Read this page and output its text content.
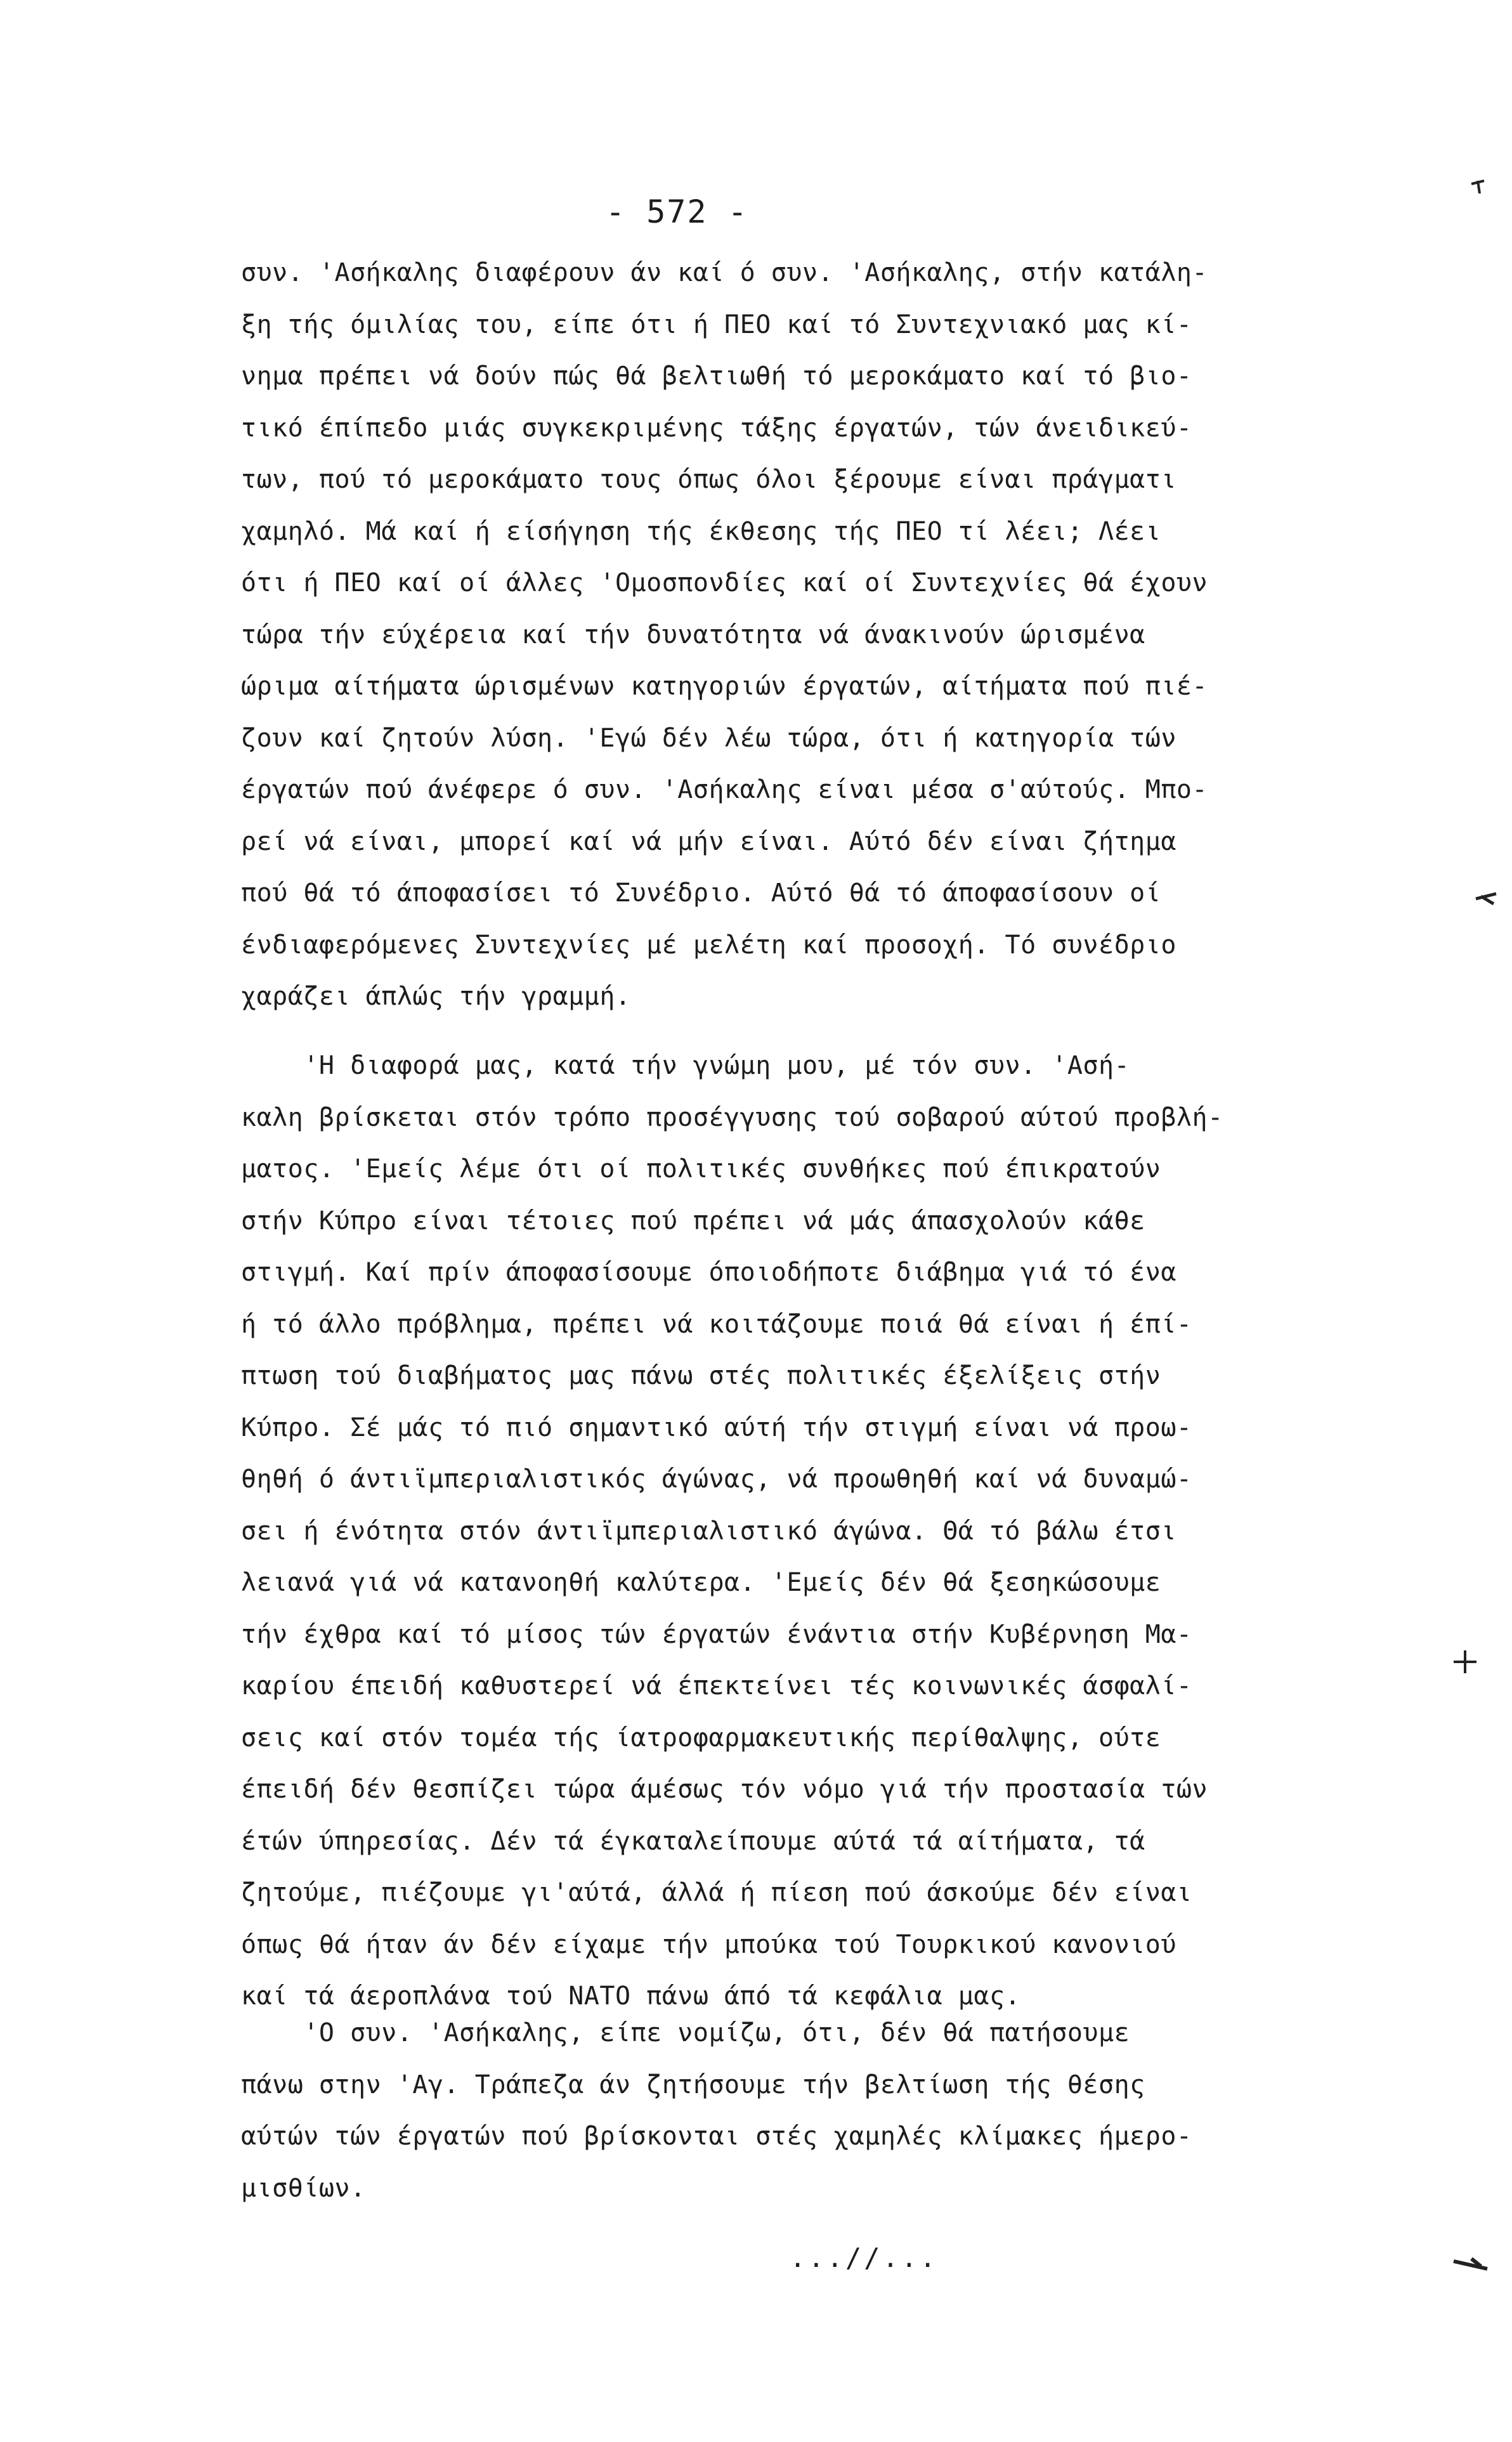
- 572 -
συν. 'Ασήκαλης διαφέρουν άν καί ό συν. 'Ασήκαλης, στήν κατάλη-
ξη τής όμιλίας του, είπε ότι ή ΠΕΟ καί τό Συντεχνιακό μας κί-
νημα πρέπει νά δούν πώς θά βελτιωθή τό μεροκάματο καί τό βιο-
τικό έπίπεδο μιάς συγκεκριμένης τάξης έργατών, τών άνειδικεύ-
των, πού τό μεροκάματο τους όπως όλοι ξέρουμε είναι πράγματι
χαμηλό. Μά καί ή είσήγηση τής έκθεσης τής ΠΕΟ τί λέει; Λέει
ότι ή ΠΕΟ καί οί άλλες 'Ομοσπονδίες καί οί Συντεχνίες θά έχουν
τώρα τήν εύχέρεια καί τήν δυνατότητα νά άνακινούν ώρισμένα
ώριμα αίτήματα ώρισμένων κατηγοριών έργατών, αίτήματα πού πιέ-
ζουν καί ζητούν λύση. 'Εγώ δέν λέω τώρα, ότι ή κατηγορία τών
έργατών πού άνέφερε ό συν. 'Ασήκαλης είναι μέσα σ'αύτούς. Μπο-
ρεί νά είναι, μπορεί καί νά μήν είναι. Αύτό δέν είναι ζήτημα
πού θά τό άποφασίσει τό Συνέδριο. Αύτό θά τό άποφασίσουν οί
ένδιαφερόμενες Συντεχνίες μέ μελέτη καί προσοχή. Τό συνέδριο
χαράζει άπλώς τήν γραμμή.
'Η διαφορά μας, κατά τήν γνώμη μου, μέ τόν συν. 'Ασή-
καλη βρίσκεται στόν τρόπο προσέγγυσης τού σοβαρού αύτού προβλή-
ματος. 'Εμείς λέμε ότι οί πολιτικές συνθήκες πού έπικρατούν
στήν Κύπρο είναι τέτοιες πού πρέπει νά μάς άπασχολούν κάθε
στιγμή. Καί πρίν άποφασίσουμε όποιοδήποτε διάβημα γιά τό ένα
ή τό άλλο πρόβλημα, πρέπει νά κοιτάζουμε ποιά θά είναι ή έπί-
πτωση τού διαβήματος μας πάνω στές πολιτικές έξελίξεις στήν
Κύπρο. Σέ μάς τό πιό σημαντικό αύτή τήν στιγμή είναι νά προω-
θηθή ό άντιϊμπεριαλιστικός άγώνας, νά προωθηθή καί νά δυναμώ-
σει ή ένότητα στόν άντιϊμπεριαλιστικό άγώνα. Θά τό βάλω έτσι
λειανά γιά νά κατανοηθή καλύτερα. 'Εμείς δέν θά ξεσηκώσουμε
τήν έχθρα καί τό μίσος τών έργατών ένάντια στήν Κυβέρνηση Μα-
καρίου έπειδή καθυστερεί νά έπεκτείνει τές κοινωνικές άσφαλί-
σεις καί στόν τομέα τής ίατροφαρμακευτικής περίθαλψης, ούτε
έπειδή δέν θεσπίζει τώρα άμέσως τόν νόμο γιά τήν προστασία τών
έτών ύπηρεσίας. Δέν τά έγκαταλείπουμε αύτά τά αίτήματα, τά
ζητούμε, πιέζουμε γι'αύτά, άλλά ή πίεση πού άσκούμε δέν είναι
όπως θά ήταν άν δέν είχαμε τήν μπούκα τού Τουρκικού κανονιού
καί τά άεροπλάνα τού ΝΑΤΟ πάνω άπό τά κεφάλια μας.
'Ο συν. 'Ασήκαλης, είπε νομίζω, ότι, δέν θά πατήσουμε
πάνω στην 'Αγ. Τράπεζα άν ζητήσουμε τήν βελτίωση τής θέσης
αύτών τών έργατών πού βρίσκονται στές χαμηλές κλίμακες ήμερο-
μισθίων.
...//...
